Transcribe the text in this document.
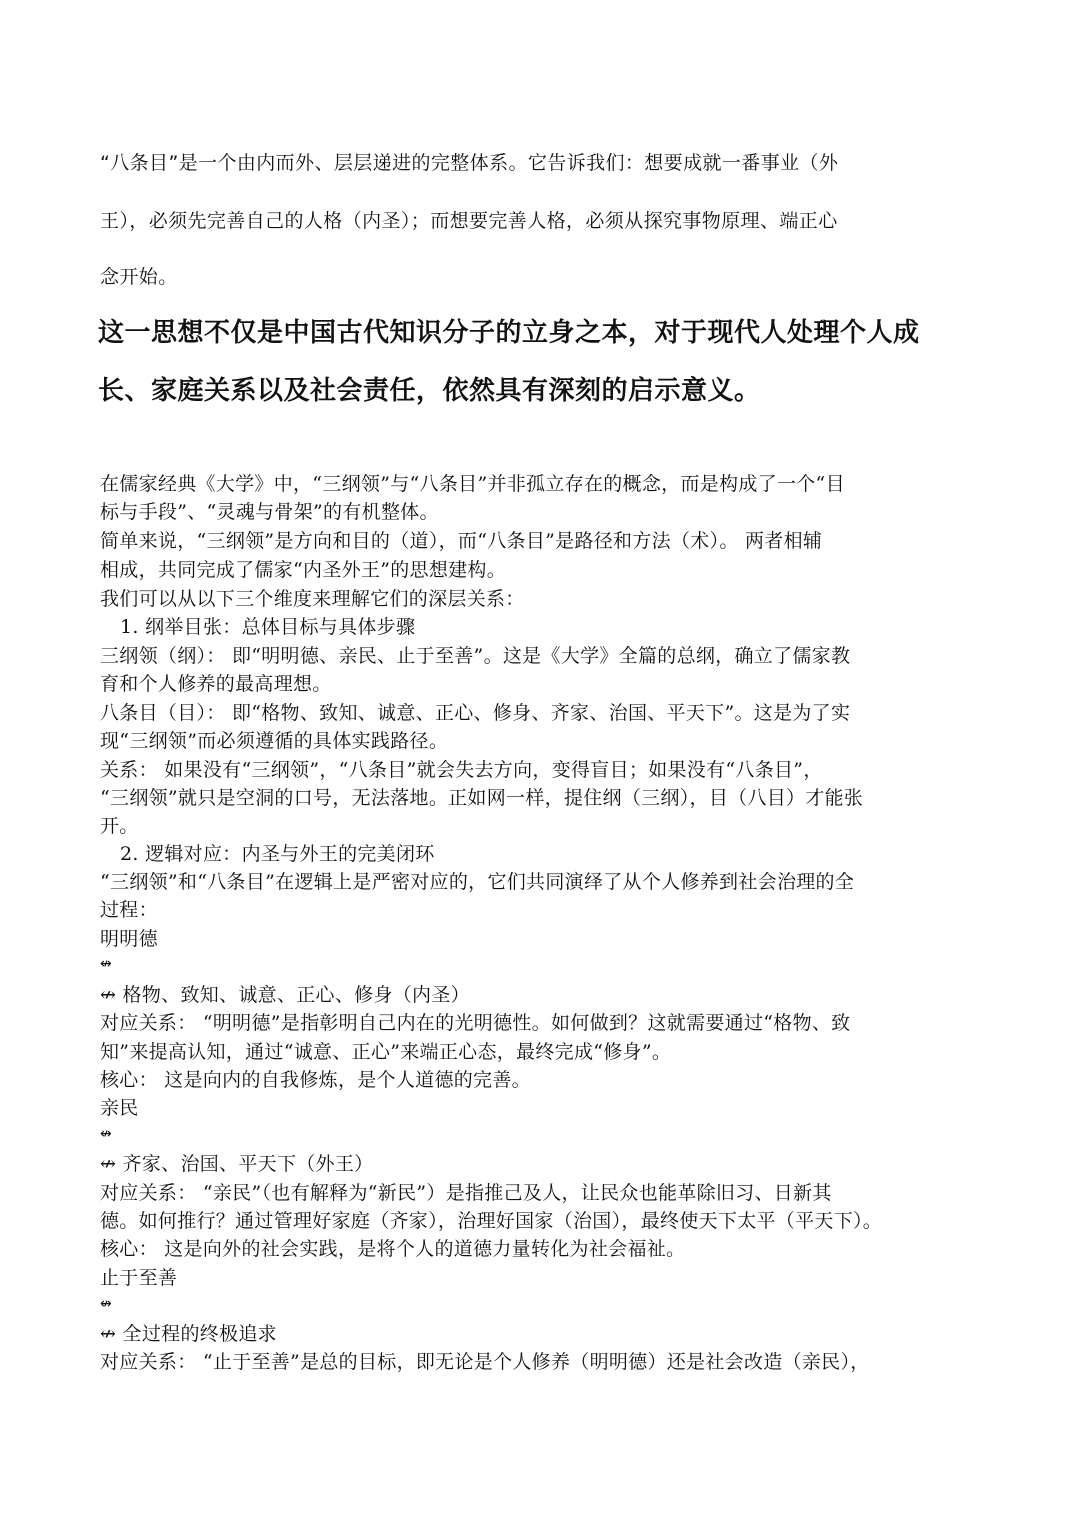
“八条目”是一个由内而外、层层递进的完整体系。它告诉我们：想要成就一番事业（外

王），必须先完善自己的人格（内圣）；而想要完善人格，必须从探究事物原理、端正心

念开始。

这一思想不仅是中国古代知识分子的立身之本，对于现代人处理个人成

长、家庭关系以及社会责任，依然具有深刻的启示意义。

在儒家经典《大学》中，“三纲领”与“八条目”并非孤立存在的概念，而是构成了一个“目

标与手段”、“灵魂与骨架”的有机整体。

简单来说，“三纲领”是方向和目的（道），而“八条目”是路径和方法（术）。 两者相辅

相成，共同完成了儒家“内圣外王”的思想建构。

我们可以从以下三个维度来理解它们的深层关系：

1. 纲举目张：总体目标与具体步骤

三纲领（纲）： 即“明明德、亲民、止于至善”。这是《大学》全篇的总纲，确立了儒家教

育和个人修养的最高理想。

八条目（目）： 即“格物、致知、诚意、正心、修身、齐家、治国、平天下”。这是为了实

现“三纲领”而必须遵循的具体实践路径。

关系： 如果没有“三纲领”，“八条目”就会失去方向，变得盲目；如果没有“八条目”，

“三纲领”就只是空洞的口号，无法落地。正如网一样，提住纲（三纲），目（八目）才能张

开。

2. 逻辑对应：内圣与外王的完美闭环

“三纲领”和“八条目”在逻辑上是严密对应的，它们共同演绎了从个人修养到社会治理的全

过程：

明明德

↮

↮ 格物、致知、诚意、正心、修身（内圣）

对应关系： “明明德”是指彰明自己内在的光明德性。如何做到？这就需要通过“格物、致

知”来提高认知，通过“诚意、正心”来端正心态，最终完成“修身”。

核心： 这是向内的自我修炼，是个人道德的完善。

亲民

↮

↮ 齐家、治国、平天下（外王）

对应关系： “亲民”（也有解释为“新民”）是指推己及人，让民众也能革除旧习、日新其

德。如何推行？通过管理好家庭（齐家），治理好国家（治国），最终使天下太平（平天下）。

核心： 这是向外的社会实践，是将个人的道德力量转化为社会福祉。

止于至善

↮

↮ 全过程的终极追求

对应关系： “止于至善”是总的目标，即无论是个人修养（明明德）还是社会改造（亲民），
